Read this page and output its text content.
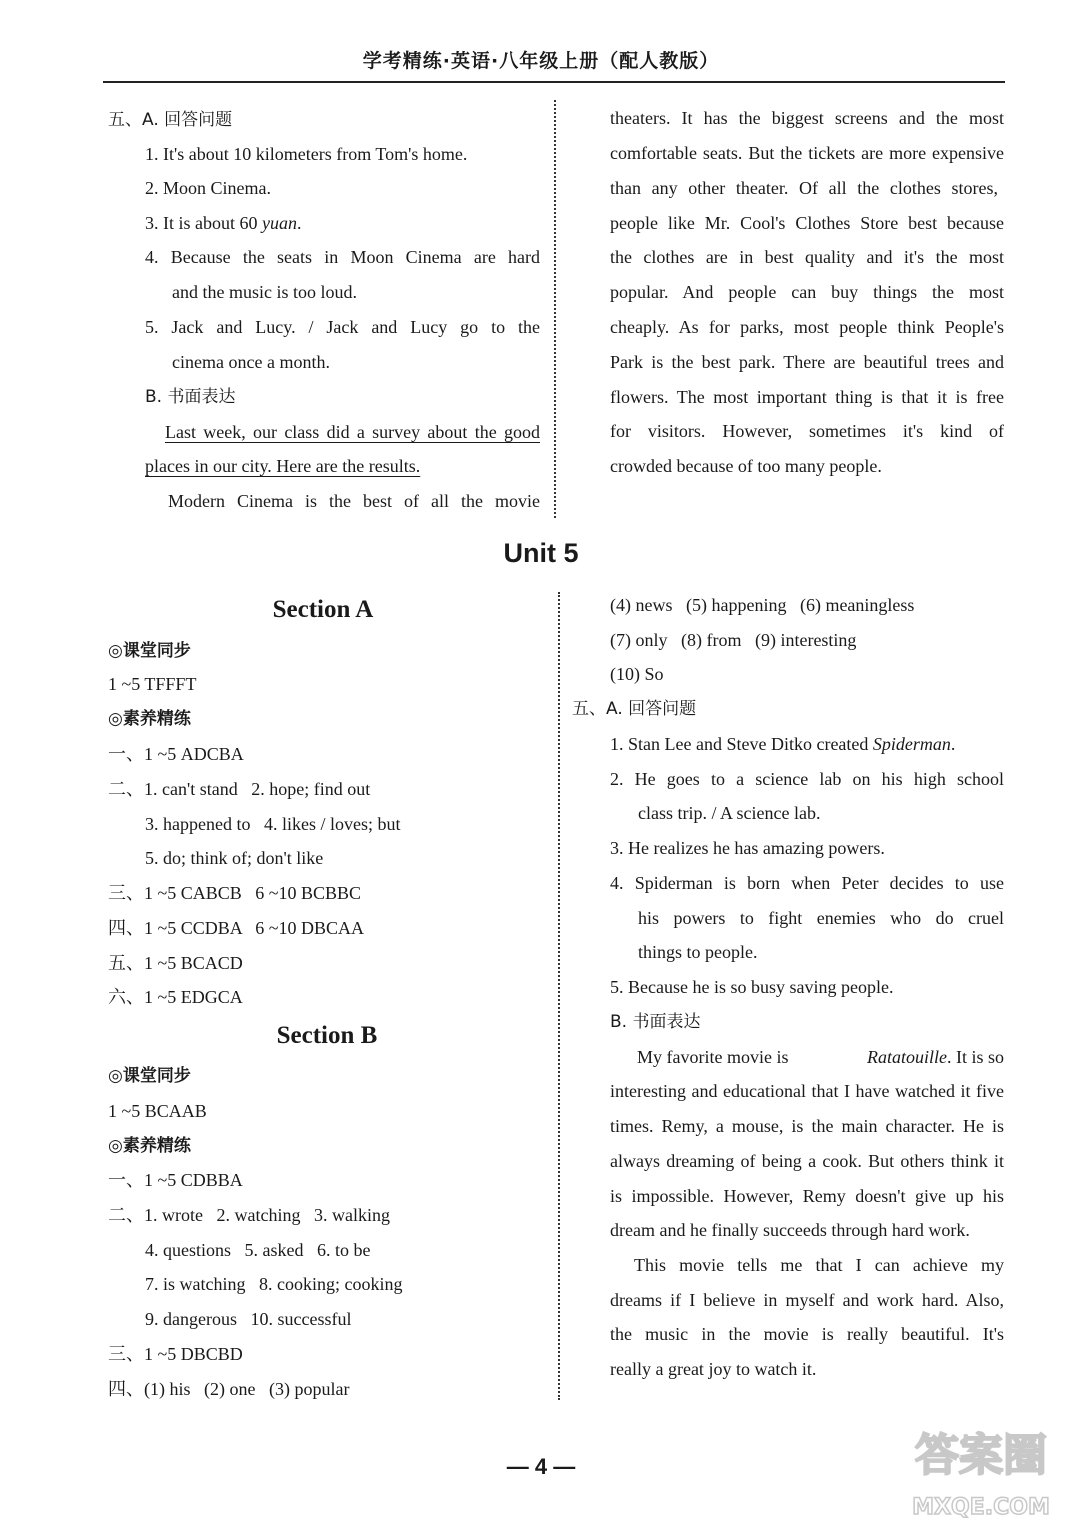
学考精练·英语·八年级上册（配人教版）
五、A. 回答问题
1. It's about 10 kilometers from Tom's home.
2. Moon Cinema.
3. It is about 60 yuan.
4. Because the seats in Moon Cinema are hard
and the music is too loud.
5. Jack and Lucy. / Jack and Lucy go to the
cinema once a month.
B. 书面表达
Last week, our class did a survey about the good
places in our city. Here are the results.
Modern Cinema is the best of all the movie
theaters. It has the biggest screens and the most
comfortable seats. But the tickets are more expensive
than any other theater. Of all the clothes stores,
people like Mr. Cool's Clothes Store best because
the clothes are in best quality and it's the most
popular. And people can buy things the most
cheaply. As for parks, most people think People's
Park is the best park. There are beautiful trees and
flowers. The most important thing is that it is free
for visitors. However, sometimes it's kind of
crowded because of too many people.
Unit 5
Section A
◎课堂同步
1 ~5 TFFFT
◎素养精练
一、1 ~5 ADCBA
二、1. can't stand   2. hope; find out
3. happened to   4. likes / loves; but
5. do; think of; don't like
三、1 ~5 CABCB   6 ~10 BCBBC
四、1 ~5 CCDBA   6 ~10 DBCAA
五、1 ~5 BCACD
六、1 ~5 EDGCA
Section B
◎课堂同步
1 ~5 BCAAB
◎素养精练
一、1 ~5 CDBBA
二、1. wrote   2. watching   3. walking
4. questions   5. asked   6. to be
7. is watching   8. cooking; cooking
9. dangerous   10. successful
三、1 ~5 DBCBD
四、(1) his   (2) one   (3) popular
(4) news   (5) happening   (6) meaningless
(7) only   (8) from   (9) interesting
(10) So
五、A. 回答问题
1. Stan Lee and Steve Ditko created Spiderman.
2. He goes to a science lab on his high school
class trip. / A science lab.
3. He realizes he has amazing powers.
4. Spiderman is born when Peter decides to use
his powers to fight enemies who do cruel
things to people.
5. Because he is so busy saving people.
B. 书面表达
My favorite movie is	Ratatouille. It is so
interesting and educational that I have watched it five
times. Remy, a mouse, is the main character. He is
always dreaming of being a cook. But others think it
is impossible. However, Remy doesn't give up his
dream and he finally succeeds through hard work.
This movie tells me that I can achieve my
dreams if I believe in myself and work hard. Also,
the music in the movie is really beautiful. It's
really a great joy to watch it.
— 4 —	答案圈
MXQE.COM
